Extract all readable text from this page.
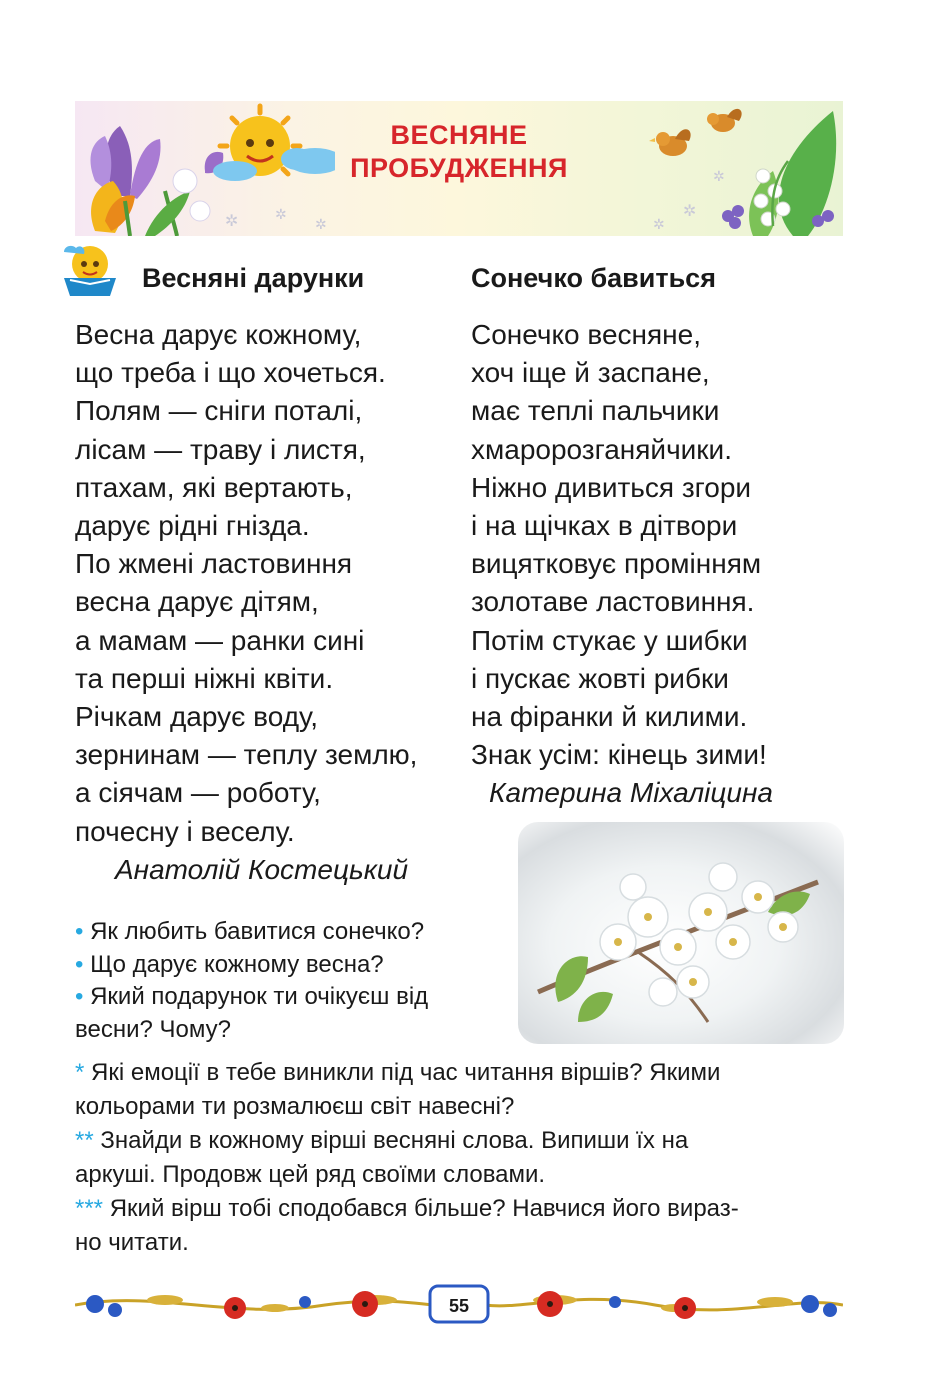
✲	✲
✲
ВЕСНЯНЕ
ПРОБУДЖЕННЯ
✲
✲
✲
Весняні дарунки
Весна дарує кожному,
що треба і що хочеться.
Полям — сніги поталі,
лісам — траву і листя,
птахам, які вертають,
дарує рідні гнізда.
По жмені ластовиння
весна дарує дітям,
а мамам — ранки сині
та перші ніжні квіти.
Річкам дарує воду,
зернинам — теплу землю,
а сіячам — роботу,
почесну і веселу.
Анатолій Костецький
Сонечко бавиться
Сонечко весняне,
хоч іще й заспане,
має теплі пальчики
хмаророзганяйчики.
Ніжно дивиться згори
і на щічках в дітвори
вицятковує промінням
золотаве ластовиння.
Потім стукає у шибки
і пускає жовті рибки
на фіранки й килими.
Знак усім: кінець зими!
Катерина Міхаліцина
• Як любить бавитися сонечко?
• Що дарує кожному весна?
• Який подарунок ти очікуєш від
весни? Чому?
* Які емоції в тебе виникли під час читання віршів? Якими
кольорами ти розмалюєш світ навесні?
** Знайди в кожному вірші весняні слова. Випиши їх на
аркуші. Продовж цей ряд своїми словами.
*** Який вірш тобі сподобався більше? Навчися його вираз-
но читати.
55
